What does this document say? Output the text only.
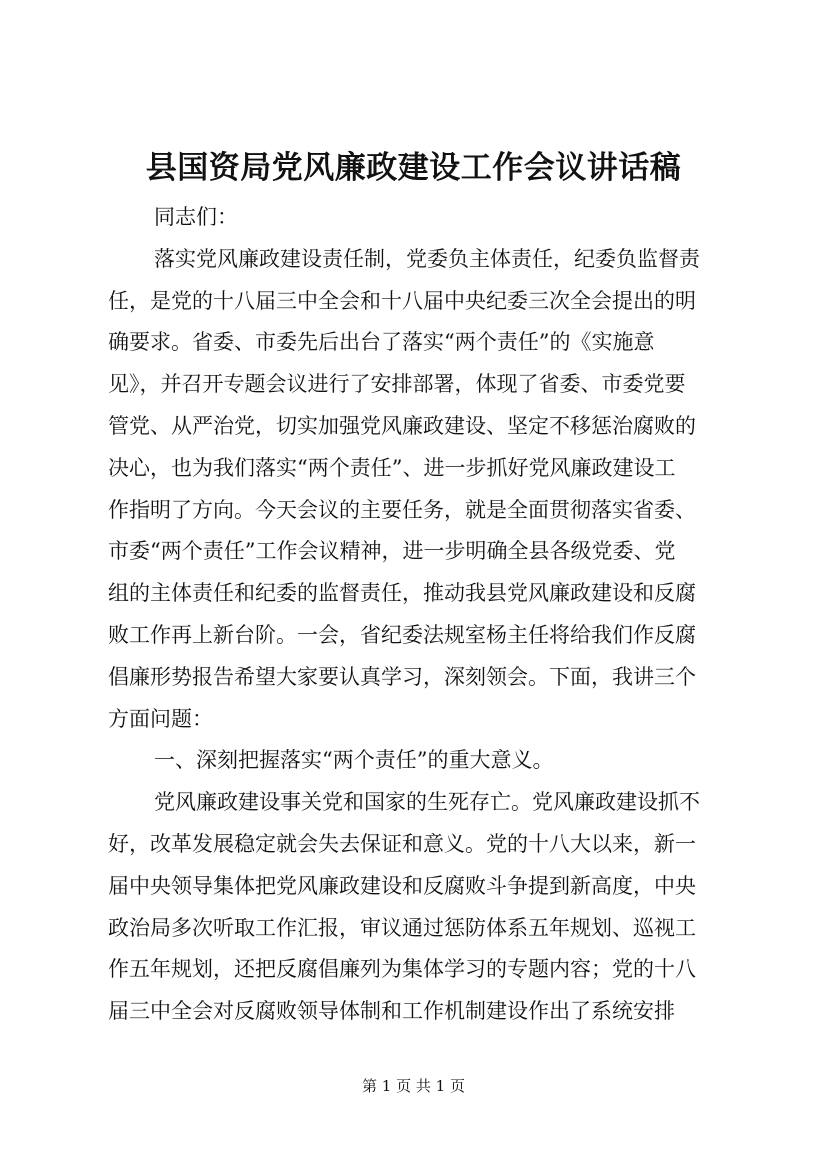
县国资局党风廉政建设工作会议讲话稿
同志们：
落实党风廉政建设责任制，党委负主体责任，纪委负监督责
任，是党的十八届三中全会和十八届中央纪委三次全会提出的明
确要求。省委、市委先后出台了落实“两个责任”的《实施意
见》，并召开专题会议进行了安排部署，体现了省委、市委党要
管党、从严治党，切实加强党风廉政建设、坚定不移惩治腐败的
决心，也为我们落实“两个责任”、进一步抓好党风廉政建设工
作指明了方向。今天会议的主要任务，就是全面贯彻落实省委、
市委“两个责任”工作会议精神，进一步明确全县各级党委、党
组的主体责任和纪委的监督责任，推动我县党风廉政建设和反腐
败工作再上新台阶。一会，省纪委法规室杨主任将给我们作反腐
倡廉形势报告希望大家要认真学习，深刻领会。下面，我讲三个
方面问题：
一、深刻把握落实“两个责任”的重大意义。
党风廉政建设事关党和国家的生死存亡。党风廉政建设抓不
好，改革发展稳定就会失去保证和意义。党的十八大以来，新一
届中央领导集体把党风廉政建设和反腐败斗争提到新高度，中央
政治局多次听取工作汇报，审议通过惩防体系五年规划、巡视工
作五年规划，还把反腐倡廉列为集体学习的专题内容；党的十八
届三中全会对反腐败领导体制和工作机制建设作出了系统安排
第 1 页 共 1 页
